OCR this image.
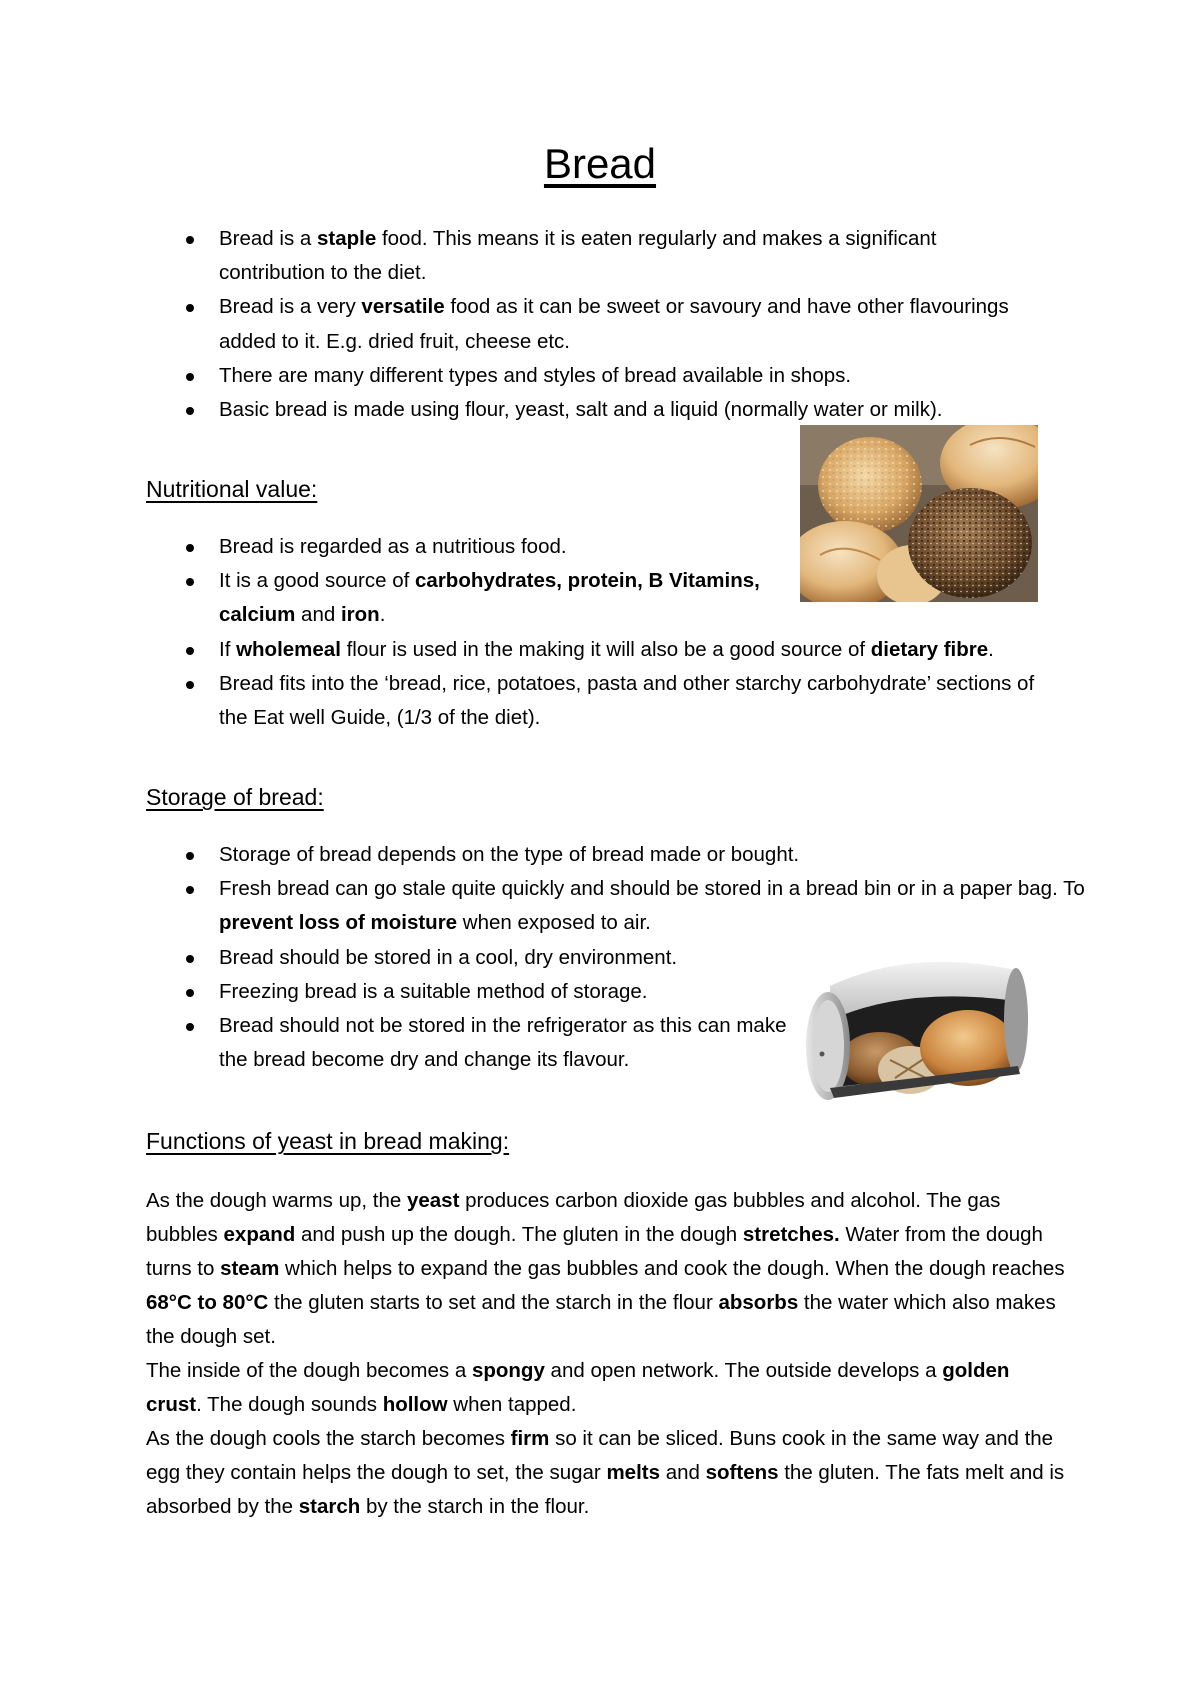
Bread
Bread is a staple food. This means it is eaten regularly and makes a significant contribution to the diet.
Bread is a very versatile food as it can be sweet or savoury and have other flavourings added to it. E.g. dried fruit, cheese etc.
There are many different types and styles of bread available in shops.
Basic bread is made using flour, yeast, salt and a liquid (normally water or milk).
Nutritional value:
Bread is regarded as a nutritious food.
It is a good source of carbohydrates, protein, B Vitamins, calcium and iron.
If wholemeal flour is used in the making it will also be a good source of dietary fibre.
Bread fits into the ‘bread, rice, potatoes, pasta and other starchy carbohydrate’ sections of the Eat well Guide, (1/3 of the diet).
Storage of bread:
Storage of bread depends on the type of bread made or bought.
Fresh bread can go stale quite quickly and should be stored in a bread bin or in a paper bag. To prevent loss of moisture when exposed to air.
Bread should be stored in a cool, dry environment.
Freezing bread is a suitable method of storage.
Bread should not be stored in the refrigerator as this can make the bread become dry and change its flavour.
Functions of yeast in bread making:

As the dough warms up, the yeast produces carbon dioxide gas bubbles and alcohol. The gas bubbles expand and push up the dough. The gluten in the dough stretches. Water from the dough turns to steam which helps to expand the gas bubbles and cook the dough. When the dough reaches 68°C to 80°C the gluten starts to set and the starch in the flour absorbs the water which also makes the dough set.

The inside of the dough becomes a spongy and open network. The outside develops a golden crust. The dough sounds hollow when tapped.

As the dough cools the starch becomes firm so it can be sliced. Buns cook in the same way and the egg they contain helps the dough to set, the sugar melts and softens the gluten. The fats melt and is absorbed by the starch by the starch in the flour.
